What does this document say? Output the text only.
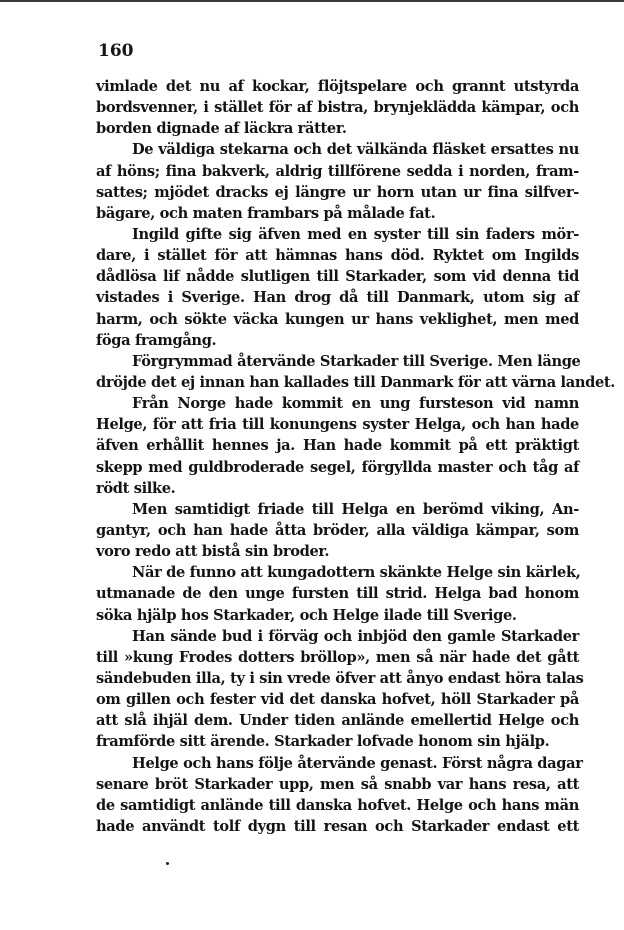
160
vimlade det nu af kockar, flöjtspelare och grannt utstyrda
bordsvenner, i stället för af bistra, brynjeklädda kämpar, och
borden dignade af läckra rätter.
De väldiga stekarna och det välkända fläsket ersattes nu
af höns; fina bakverk, aldrig tillförene sedda i norden, fram-
sattes; mjödet dracks ej längre ur horn utan ur fina silfver-
bägare, och maten frambars på målade fat.
Ingild gifte sig äfven med en syster till sin faders mör-
dare, i stället för att hämnas hans död. Ryktet om Ingilds
dådlösa lif nådde slutligen till Starkader, som vid denna tid
vistades i Sverige. Han drog då till Danmark, utom sig af
harm, och sökte väcka kungen ur hans veklighet, men med
föga framgång.
Förgrymmad återvände Starkader till Sverige. Men länge
dröjde det ej innan han kallades till Danmark för att värna landet.
Från Norge hade kommit en ung fursteson vid namn
Helge, för att fria till konungens syster Helga, och han hade
äfven erhållit hennes ja. Han hade kommit på ett präktigt
skepp med guldbroderade segel, förgyllda master och tåg af
rödt silke.
Men samtidigt friade till Helga en berömd viking, An-
gantyr, och han hade åtta bröder, alla väldiga kämpar, som
voro redo att bistå sin broder.
När de funno att kungadottern skänkte Helge sin kärlek,
utmanade de den unge fursten till strid. Helga bad honom
söka hjälp hos Starkader, och Helge ilade till Sverige.
Han sände bud i förväg och inbjöd den gamle Starkader
till »kung Frodes dotters bröllop», men så när hade det gått
sändebuden illa, ty i sin vrede öfver att ånyo endast höra talas
om gillen och fester vid det danska hofvet, höll Starkader på
att slå ihjäl dem. Under tiden anlände emellertid Helge och
framförde sitt ärende. Starkader lofvade honom sin hjälp.
Helge och hans följe återvände genast. Först några dagar
senare bröt Starkader upp, men så snabb var hans resa, att
de samtidigt anlände till danska hofvet. Helge och hans män
hade användt tolf dygn till resan och Starkader endast ett
